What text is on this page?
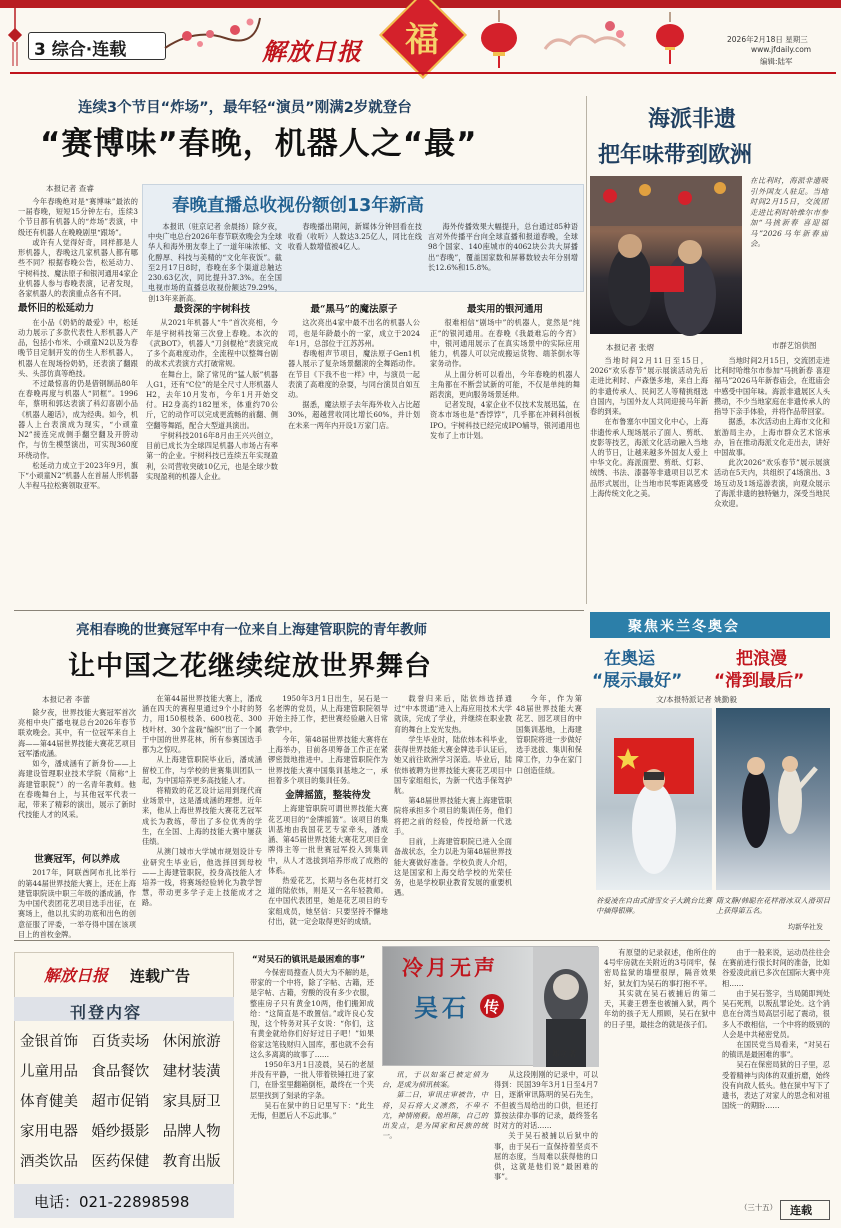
3 综合·连载	解放日报 福	2026年2月18日 星期三
www.jfdaily.com
编辑:陆军
连续3个节目“炸场”，最年轻“演员”刚满2岁就登台
“赛博味”春晚，机器人之“最”
海派非遗
把年味带到欧洲
本报记者 查睿

今年春晚绝对是“赛博味”最浓的一届春晚，短短15分钟左右，连续3个节目都有机器人的“炸场”表演，中级还有机器人在晚晚剧里“跟场”。

或许有人觉得好奇，同样都是人形机器人，春晚这几家机器人都有哪些不同？根据春晚公告，松延动力、宇树科技、魔法原子和银河通用4家企业机器人参与春晚表演，记者发现，各家机器人的表演重点各有不同。

最怀旧的松延动力

在小品《奶奶的最爱》中，松延动力展示了多款代表性人形机器人产品，包括小布米、小顽童N2以及为春晚节目定制开发的仿生人形机器人，机器人在现场扮奶奶，还表演了翻跟头、头部仿真等绝技。

不过最惊喜的仍是借钢制品80年在春晚再度与机器人“同框”。1996年，蔡明和郭达表演了科幻喜剧小品《机器人趣话》，成为经典。如今，机器人上台表演成为现实，“小顽童N2”接连完成侧手翻空翻及开胯动作，与仿生模型演出，可实现360度环绕动作。

松延动力成立于2023年9月，旗下“小顽童N2”机器人在首届人形机器人半程马拉松赛领取亚军。

春晚直播总收视份额创13年新高

本报讯（驻京记者 余晨扬）除夕夜，中央广电总台2026年春节联欢晚会为全球华人和海外朋友奉上了一道年味浓郁、文化醇厚、科技与美精的“文化年夜饭”。截至2月17日8时，春晚在多个渠道总触达230.63亿次，同比提升37.3%。在全国电视市场的直播总收视份额达79.29%，创13年来新高。

春晚播出期间，新媒体分钟回看在技收看（收听）人数达3.25亿人，同比在线收看人数增值被4亿人。

海外传播效果大幅提升，总台通过85种语言对外传播平台向全球直播和报道春晚，全球98个国家、140座城市的4062块公共大屏播出“春晚”，覆盖国家数和屏幕数较去年分别增长12.6%和15.8%。

最资深的宇树科技

从2021年机器人“牛”首次亮相，今年是宇树科技第三次登上春晚。本次的《武BOT》，机器人“刀剑棍枪”表演完成了多个高难度动作，全流程中以整舞台剧的战术式表演方式打破常规。

在舞台上，除了常见的“猛人版”机器人G1，还有“C位”的是全尺寸人形机器人H2，去年10月发布，今年1月开始交付。H2身高约182厘米，体重约70公斤，它的动作可以完成更流畅的前翻、侧空翻等舞蹈，配合大型道具演出。

宇树科技2016年8月由王兴兴创立，目前已成长为全球四足机器人市场占有率第一的企业。宇树科技已连续五年实现盈利，公司营收突破10亿元，也是全球少数实现盈利的机器人企业。

最“黑马”的魔法原子

这次亮出4家中最不出名的机器人公司，也是年龄最小的一家，成立于2024年1月，总部位于江苏苏州。

春晚相声节项目，魔法原子Gen1机器人展示了复杂场景翻滚的全舞蹈动作。在节目《下我不也一样》中，与演员一起表演了高难度的杂耍，与同台演员自如互动。

据悉，魔法原子去年海外收入占比超30%，超越营收同比增长60%，并计划在未来一两年内开设1万家门店。

最实用的银河通用

很难相信“剧场中”的机器人，竟然是“纯正”的银河通用。在春晚《我最难忘的今宵》中，银河通用展示了在真实场景中的实际应用能力，机器人可以完成搬运货物、端茶倒水等家务动作。

从上面分析可以看出，今年春晚的机器人主角都在不断尝试新的可能，不仅是单纯的舞蹈表演，更向服务场景延伸。

记者发现，4家企业不仅技术发展迅猛，在资本市场也是“香饽饽”，几乎都在冲刺科创板IPO。宇树科技已经完成IPO辅导，银河通用也发布了上市计划。

在比利时，海派非遗吸引外国友人驻足。当地时间2月15日，交流团走进比利时哈维尔市参加“马挑新春 喜迎福马”2026马年新春庙会。
市群艺馆供图
本报记者 张熠

当地时间2月11日至15日，2026“欢乐春节”展示展演活动先后走进比利时、卢森堡多地，来自上海的非遗传承人、民间艺人等精挑细选自国内，与国外友人共同迎接马年新春的到来。

在布鲁塞尔中国文化中心，上海非遗传承人现场展示了面人、剪纸、皮影等技艺，海派文化活动融入当地人的节日，让越来越多外国友人爱上中华文化。海派面塑、剪纸、灯彩、绒绣、书法、漆器等非遗项目以艺术品形式展出，让当地市民零距离感受上海传统文化之美。

当地时间2月15日，交流团走进比利时哈维尔市参加“马挑新春 喜迎福马”2026马年新春庙会，在逛庙会中感受中国年味。海派非遗展区人头攒动，不少当地家庭在非遗传承人的指导下亲手体验，并将作品带回家。

据悉，本次活动由上海市文化和旅游局主办，上海市群众艺术馆承办，旨在推动海派文化走出去，讲好中国故事。

此次2026“欢乐春节”展示展演活动在5天内，共组织了4场演出、3场互动及1场巡游表演，向观众展示了海派非遗的独特魅力，深受当地民众欢迎。

亮相春晚的世赛冠军中有一位来自上海建管职院的青年教师
让中国之花继续绽放世界舞台
本报记者 李蕾

除夕夜，世界技能大赛冠军首次亮相中央广播电视总台2026年春节联欢晚会。其中，有一位冠军来自上海——第44届世界技能大赛花艺项目冠军潘成涵。

如今，潘成涵有了新身份——上海建设管理职业技术学院（简称“上海建管职院”）的一名青年教师。他在春晚舞台上，与其他冠军代表一起，带来了精彩的演出，展示了新时代技能人才的风采。

世赛冠军，何以养成

2017年，阿联酋阿布扎比举行的第44届世界技能大赛上，还在上海建管职院读中职三年级的潘成涵，作为中国代表团花艺项目选手出征，在赛场上，他以扎实的功底和出色的创意征服了评委，一举夺得中国在该项目上的首枚金牌。

在第44届世界技能大赛上，潘成涵在四天的赛程里通过9个小时的努力，用150根枝条、600枝花、300枝叶材、30个盆栽“编织”出了一个属于中国的世界花林，所有参赛国选手都为之惊叹。

从上海建管职院毕业后，潘成涵留校工作，与学校的世赛集训团队一起，为中国培养更多高技能人才。

将精致的花艺设计运用到现代商业场景中，这是潘成涵的理想。近年来，他从上海世界技能大赛花艺冠军成长为教练，带出了多位优秀的学生，在全国、上海的技能大赛中屡获佳绩。

从澳门城市大学城市规划设计专业研究生毕业后，他选择回到母校——上海建管职院，投身高技能人才培养一线，将赛场经验转化为教学智慧，带动更多学子走上技能成才之路。

1950年3月1日出生，吴石是一名老牌的党员，从上海建管职院领导开始主持工作，把世赛经验融入日常教学中。

今年，第48届世界技能大赛将在上海举办，目前各项筹备工作正在紧锣密鼓地推进中。上海建管职院作为世界技能大赛中国集训基地之一，承担着多个项目的集训任务。

金牌摇篮，整装待发

上海建管职院可谓世界技能大赛花艺项目的“金牌摇篮”。该项目的集训基地由我国花艺专家牵头，潘成涵、第45届世界技能大赛花艺项目金牌得主等一批世赛冠军投入到集训中，从人才选拔到培养形成了成熟的体系。

热爱花艺，长期与各色花材打交道的陆依炜，则是又一名年轻教师。在中国代表团里，她是花艺项目的专家组成员，她坚信：只要坚持不懈地付出，就一定会取得更好的成绩。

载誉归来后，陆依炜选择通过“中本贯通”进入上海应用技术大学就读，完成了学业，并继续在职业教育的舞台上发光发热。

学生毕业时，陆依炜本科毕业，获得世界技能大赛金牌选手认证后，她又前往欧洲学习深造。毕业后，陆依炜被聘为世界技能大赛花艺项目中国专家组组长，为新一代选手保驾护航。

第48届世界技能大赛上海建管职院将承担多个项目的集训任务，他们将把之前的经验，传授给新一代选手。

目前，上海建管职院已进入全面备战状态，全力以赴为第48届世界技能大赛做好准备。学校负责人介绍，这是国家和上海交给学校的光荣任务，也是学校职业教育发展的重要机遇。

今年，作为第48届世界技能大赛花艺、园艺项目的中国集训基地，上海建管职院将进一步做好选手选拔、集训和保障工作，力争在家门口创造佳绩。

聚焦米兰冬奥会
在奥运
“展示最好”
把浪漫
“滑到最后”
文/本报特派记者 姚勤毅
谷爱凌在自由式滑雪女子大跳台比赛中摘得银牌。
隋文静/韩聪在花样滑冰双人滑项目上获得第五名。
均新华社发
解放日报 连载广告
刊登内容
金银首饰 百货卖场 休闲旅游
儿童用品 食品餐饮 建材装潢
体育健美 超市促销 家具厨卫
家用电器 婚纱摄影 品牌人物
酒类饮品 医药保健 教育出版
电话：021-22898598
“对吴石的镇讯是最困难的事”

今保密局搜查人员大为不解的是，带家的一个中将，除了字帖、古籍，还是字帖、古籍，穷酸的没有多少衣服，整座房子只有黄金10两，他们搬卸成给：“这简直是不敢置信。”或许良心发现，这个特务对其子女说：“你们，这有黄金就给你们好好过日子吧！”如果俗家这笔钱财归入国库，那也就不会有这么多离离的故事了……

1950年3月1日凌晨，吴石的老屋并没有平静，一批人带着铁锤扛进了家门，在卧室里翻箱倒柜，最终在一个夹层里找到了刻录的字条。

吴石在狱中的日记里写下：“此生无悔，但愿后人不忘此事。”

冷月无声
吴石 传
郑立 著

讯，于以如案已被定偵为台，是成为偵讯核案。

第二日，审讯庄审被告，中将，吴石将大义凛然，不卑不亢，神情刚毅。他坦陈，自己的出发点，是为国家和民族的统一。

从这段刚刚的记录中，可以得到：民国39年3月1日至4月7日，逐渐审讯陈明的吴石先生，不但被当局给出的口供，但还打算按法律办事的记录，最终签名时对方的对话……

关于吴石被捕以后狱中的事，由于吴石一直保持着坚贞不屈的态度，当局难以获得他的口供，这就是他们说“最困难的事”。

有原望的记录叙述，他所住的4号牢房就在关附近的3号同牢，保密局监狱的墙壁很厚，隔音效果好，狱友们为吴石的事打抱不平。

其实就在吴石被捕后的第二天，其妻王碧奎也被捕入狱，两个年幼的孩子无人照顾，吴石在狱中的日子里，最挂念的就是孩子们。

由于一般来说，运动员往往会在赛前进行很长时间的准备，比如谷爱凌此前已多次在国际大赛中亮相……

由于吴石签字，当局随即判处吴石死刑，以叛乱罪论处。这个消息在台湾当局高层引起了震动，很多人不敢相信，一个中将的级别的人会是中共秘密党员。

在国民党当局看来，“对吴石的镇讯是最困难的事”。

吴石在保密局狱的日子里，忍受着精神与肉体的双重折磨，始终没有向敌人低头。他在狱中写下了遗书，表达了对家人的思念和对祖国统一的期盼……

（三十五） 连载
